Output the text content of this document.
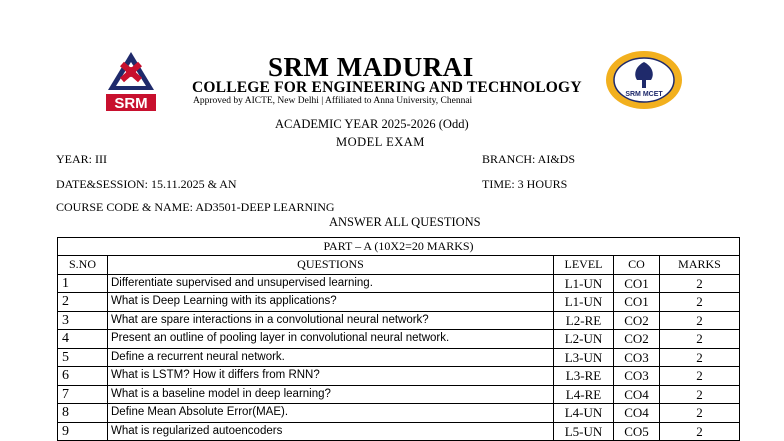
SRM
SRM MCET
SRM MADURAI
COLLEGE FOR ENGINEERING AND TECHNOLOGY
Approved by AICTE, New Delhi | Affiliated to Anna University, Chennai
ACADEMIC YEAR 2025-2026 (Odd)
MODEL EXAM
YEAR: III	BRANCH: AI&DS
DATE&SESSION: 15.11.2025 & AN	TIME: 3 HOURS
COURSE CODE & NAME: AD3501-DEEP LEARNING
ANSWER ALL QUESTIONS
PART – A (10X2=20 MARKS)				
S.NO	QUESTIONS	LEVEL	CO	MARKS
1	Differentiate supervised and unsupervised learning.	L1-UN	CO1	2
2	What is Deep Learning with its applications?	L1-UN	CO1	2
3	What are spare interactions in a convolutional neural network?	L2-RE	CO2	2
4	Present an outline of pooling layer in convolutional neural network.	L2-UN	CO2	2
5	Define a recurrent neural network.	L3-UN	CO3	2
6	What is LSTM? How it differs from RNN?	L3-RE	CO3	2
7	What is a baseline model in deep learning?	L4-RE	CO4	2
8	Define Mean Absolute Error(MAE).	L4-UN	CO4	2
9	What is regularized autoencoders	L5-UN	CO5	2
